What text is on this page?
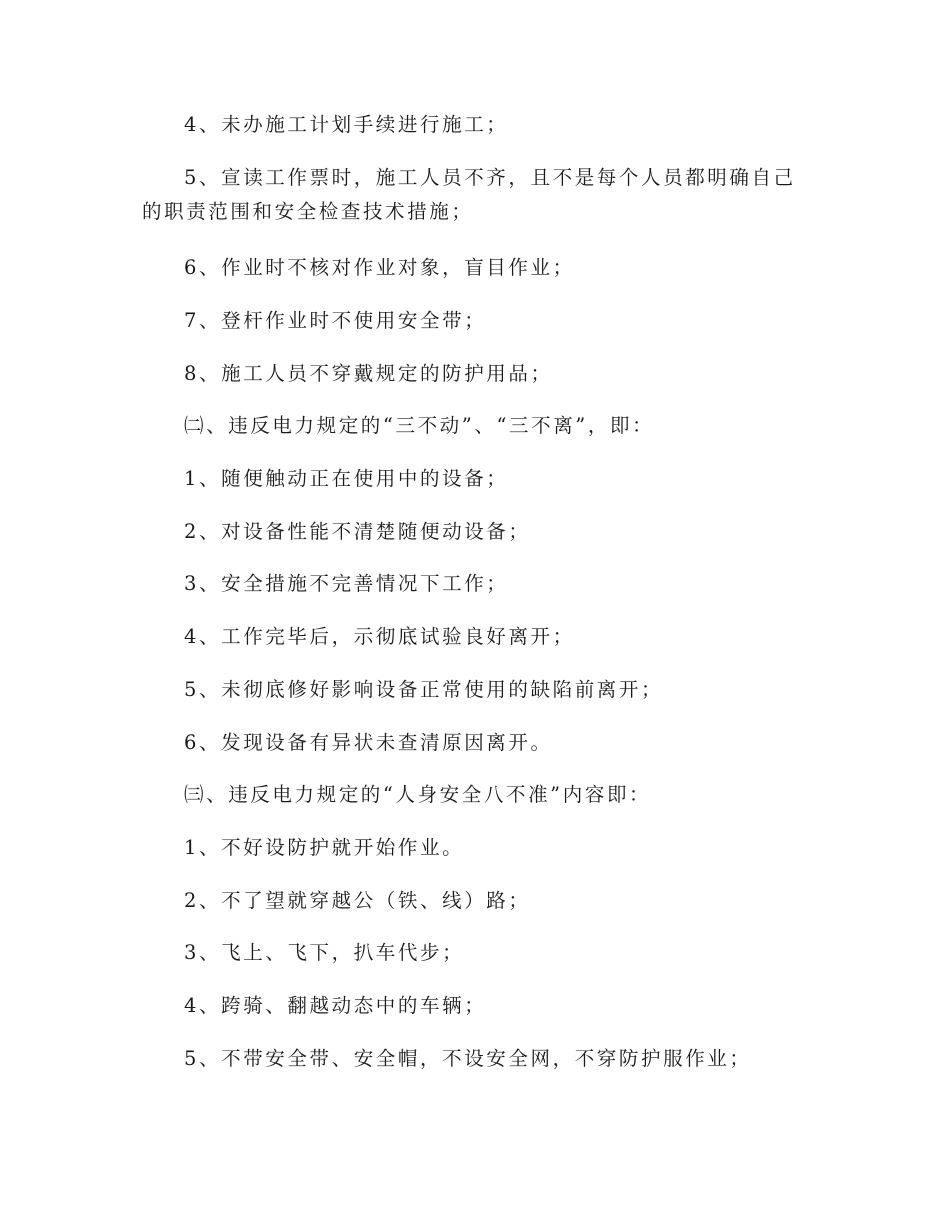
4、未办施工计划手续进行施工；

5、宣读工作票时，施工人员不齐，且不是每个人员都明确自己的职责范围和安全检查技术措施；

6、作业时不核对作业对象，盲目作业；

7、登杆作业时不使用安全带；

8、施工人员不穿戴规定的防护用品；

㈡、违反电力规定的“三不动”、“三不离”，即：

1、随便触动正在使用中的设备；

2、对设备性能不清楚随便动设备；

3、安全措施不完善情况下工作；

4、工作完毕后，示彻底试验良好离开；

5、未彻底修好影响设备正常使用的缺陷前离开；

6、发现设备有异状未查清原因离开。

㈢、违反电力规定的“人身安全八不准”内容即：

1、不好设防护就开始作业。

2、不了望就穿越公（铁、线）路；

3、飞上、飞下，扒车代步；

4、跨骑、翻越动态中的车辆；

5、不带安全带、安全帽，不设安全网，不穿防护服作业；
